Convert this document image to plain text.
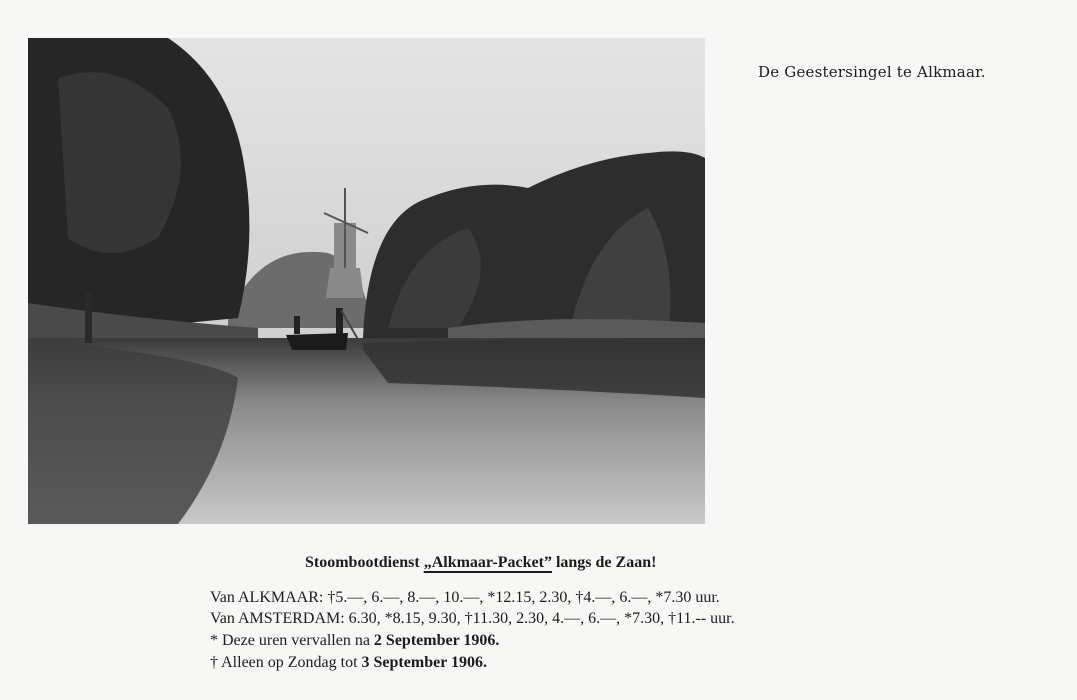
De Geestersingel te Alkmaar.
Stoombootdienst „Alkmaar-Packet” langs de Zaan!
Van ALKMAAR: †5.—, 6.—, 8.—, 10.—, *12.15, 2.30, †4.—, 6.—, *7.30 uur.
Van AMSTERDAM: 6.30, *8.15, 9.30, †11.30, 2.30, 4.—, 6.—, *7.30, †11.-- uur.
* Deze uren vervallen na 2 September 1906.
† Alleen op Zondag tot 3 September 1906.
